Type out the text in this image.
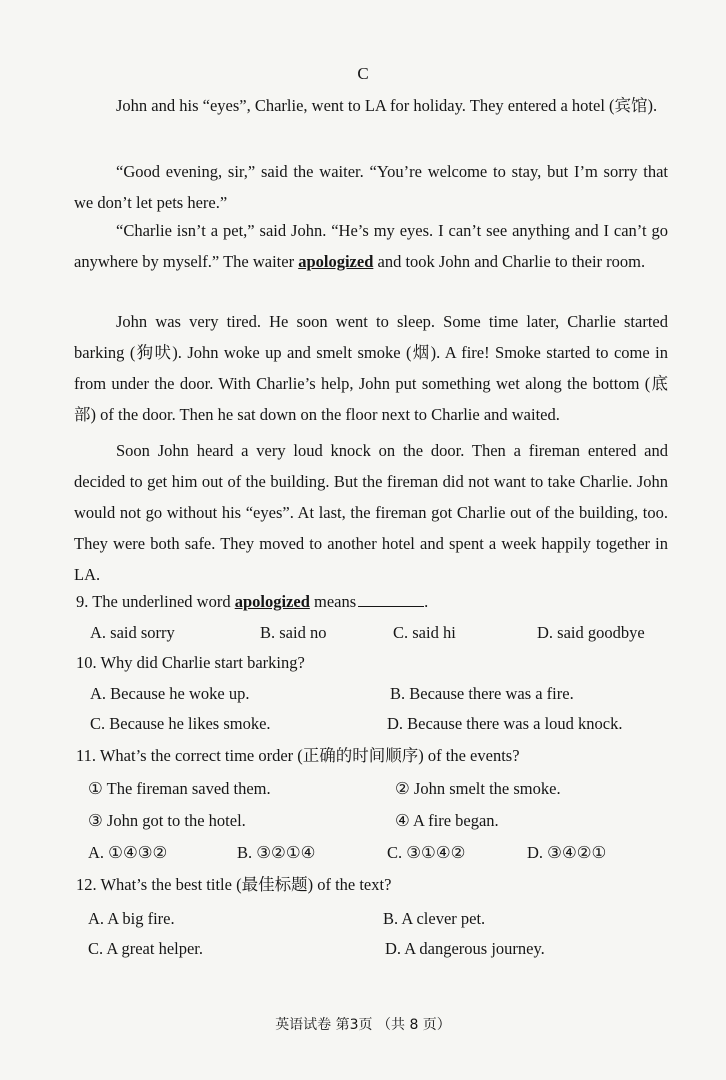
C

John and his “eyes”, Charlie, went to LA for holiday. They entered a hotel (宾馆).

“Good evening, sir,” said the waiter. “You’re welcome to stay, but I’m sorry that we don’t let pets here.”

“Charlie isn’t a pet,” said John. “He’s my eyes. I can’t see anything and I can’t go anywhere by myself.” The waiter apologized and took John and Charlie to their room.

John was very tired. He soon went to sleep. Some time later, Charlie started barking (狗吠). John woke up and smelt smoke (烟). A fire! Smoke started to come in from under the door. With Charlie’s help, John put something wet along the bottom (底部) of the door. Then he sat down on the floor next to Charlie and waited.

Soon John heard a very loud knock on the door. Then a fireman entered and decided to get him out of the building. But the fireman did not want to take Charlie. John would not go without his “eyes”. At last, the fireman got Charlie out of the building, too. They were both safe. They moved to another hotel and spent a week happily together in LA.

9. The underlined word apologized means	.
A. said sorry	B. said no	C. said hi	D. said goodbye
10. Why did Charlie start barking?
A. Because he woke up.	B. Because there was a fire.
C. Because he likes smoke.	D. Because there was a loud knock.
11. What’s the correct time order (正确的时间顺序) of the events?
① The fireman saved them.	② John smelt the smoke.
③ John got to the hotel.	④ A fire began.
A. ①④③②	B. ③②①④	C. ③①④②	D. ③④②①
12. What’s the best title (最佳标题) of the text?
A. A big fire.	B. A clever pet.
C. A great helper.	D. A dangerous journey.
英语试卷 第3页 （共 8 页）
